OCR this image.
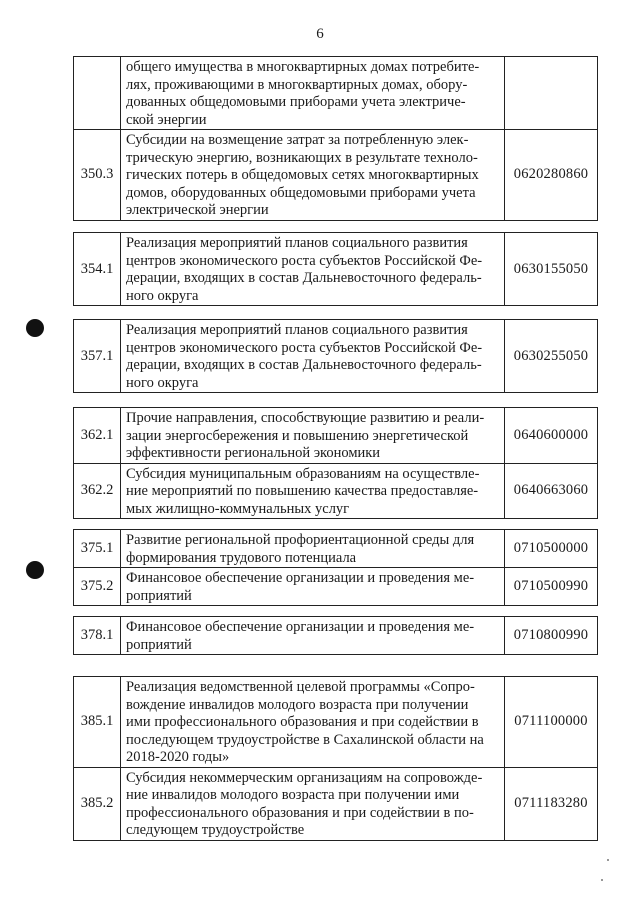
6
	общего имущества в многоквартирных домах потребите-
лях, проживающими в многоквартирных домах, обору-
дованных общедомовыми приборами учета электриче-
ской энергии	
350.3	Субсидии на возмещение затрат за потребленную элек-
трическую энергию, возникающих в результате техноло-
гических потерь в общедомовых сетях многоквартирных
домов, оборудованных общедомовыми приборами учета
электрической энергии	0620280860
354.1	Реализация мероприятий планов социального развития
центров экономического роста субъектов Российской Фе-
дерации, входящих в состав Дальневосточного федераль-
ного округа	0630155050
357.1	Реализация мероприятий планов социального развития
центров экономического роста субъектов Российской Фе-
дерации, входящих в состав Дальневосточного федераль-
ного округа	0630255050
362.1	Прочие направления, способствующие развитию и реали-
зации энергосбережения и повышению энергетической
эффективности региональной экономики	0640600000
362.2	Субсидия муниципальным образованиям на осуществле-
ние мероприятий по повышению качества предоставляе-
мых жилищно-коммунальных услуг	0640663060
375.1	Развитие региональной профориентационной среды для
формирования трудового потенциала	0710500000
375.2	Финансовое обеспечение организации и проведения ме-
роприятий	0710500990
378.1	Финансовое обеспечение организации и проведения ме-
роприятий	0710800990
385.1	Реализация ведомственной целевой программы «Сопро-
вождение инвалидов молодого возраста при получении
ими профессионального образования и при содействии в
последующем трудоустройстве в Сахалинской области на
2018-2020 годы»	0711100000
385.2	Субсидия некоммерческим организациям на сопровожде-
ние инвалидов молодого возраста при получении ими
профессионального образования и при содействии в по-
следующем трудоустройстве	0711183280
